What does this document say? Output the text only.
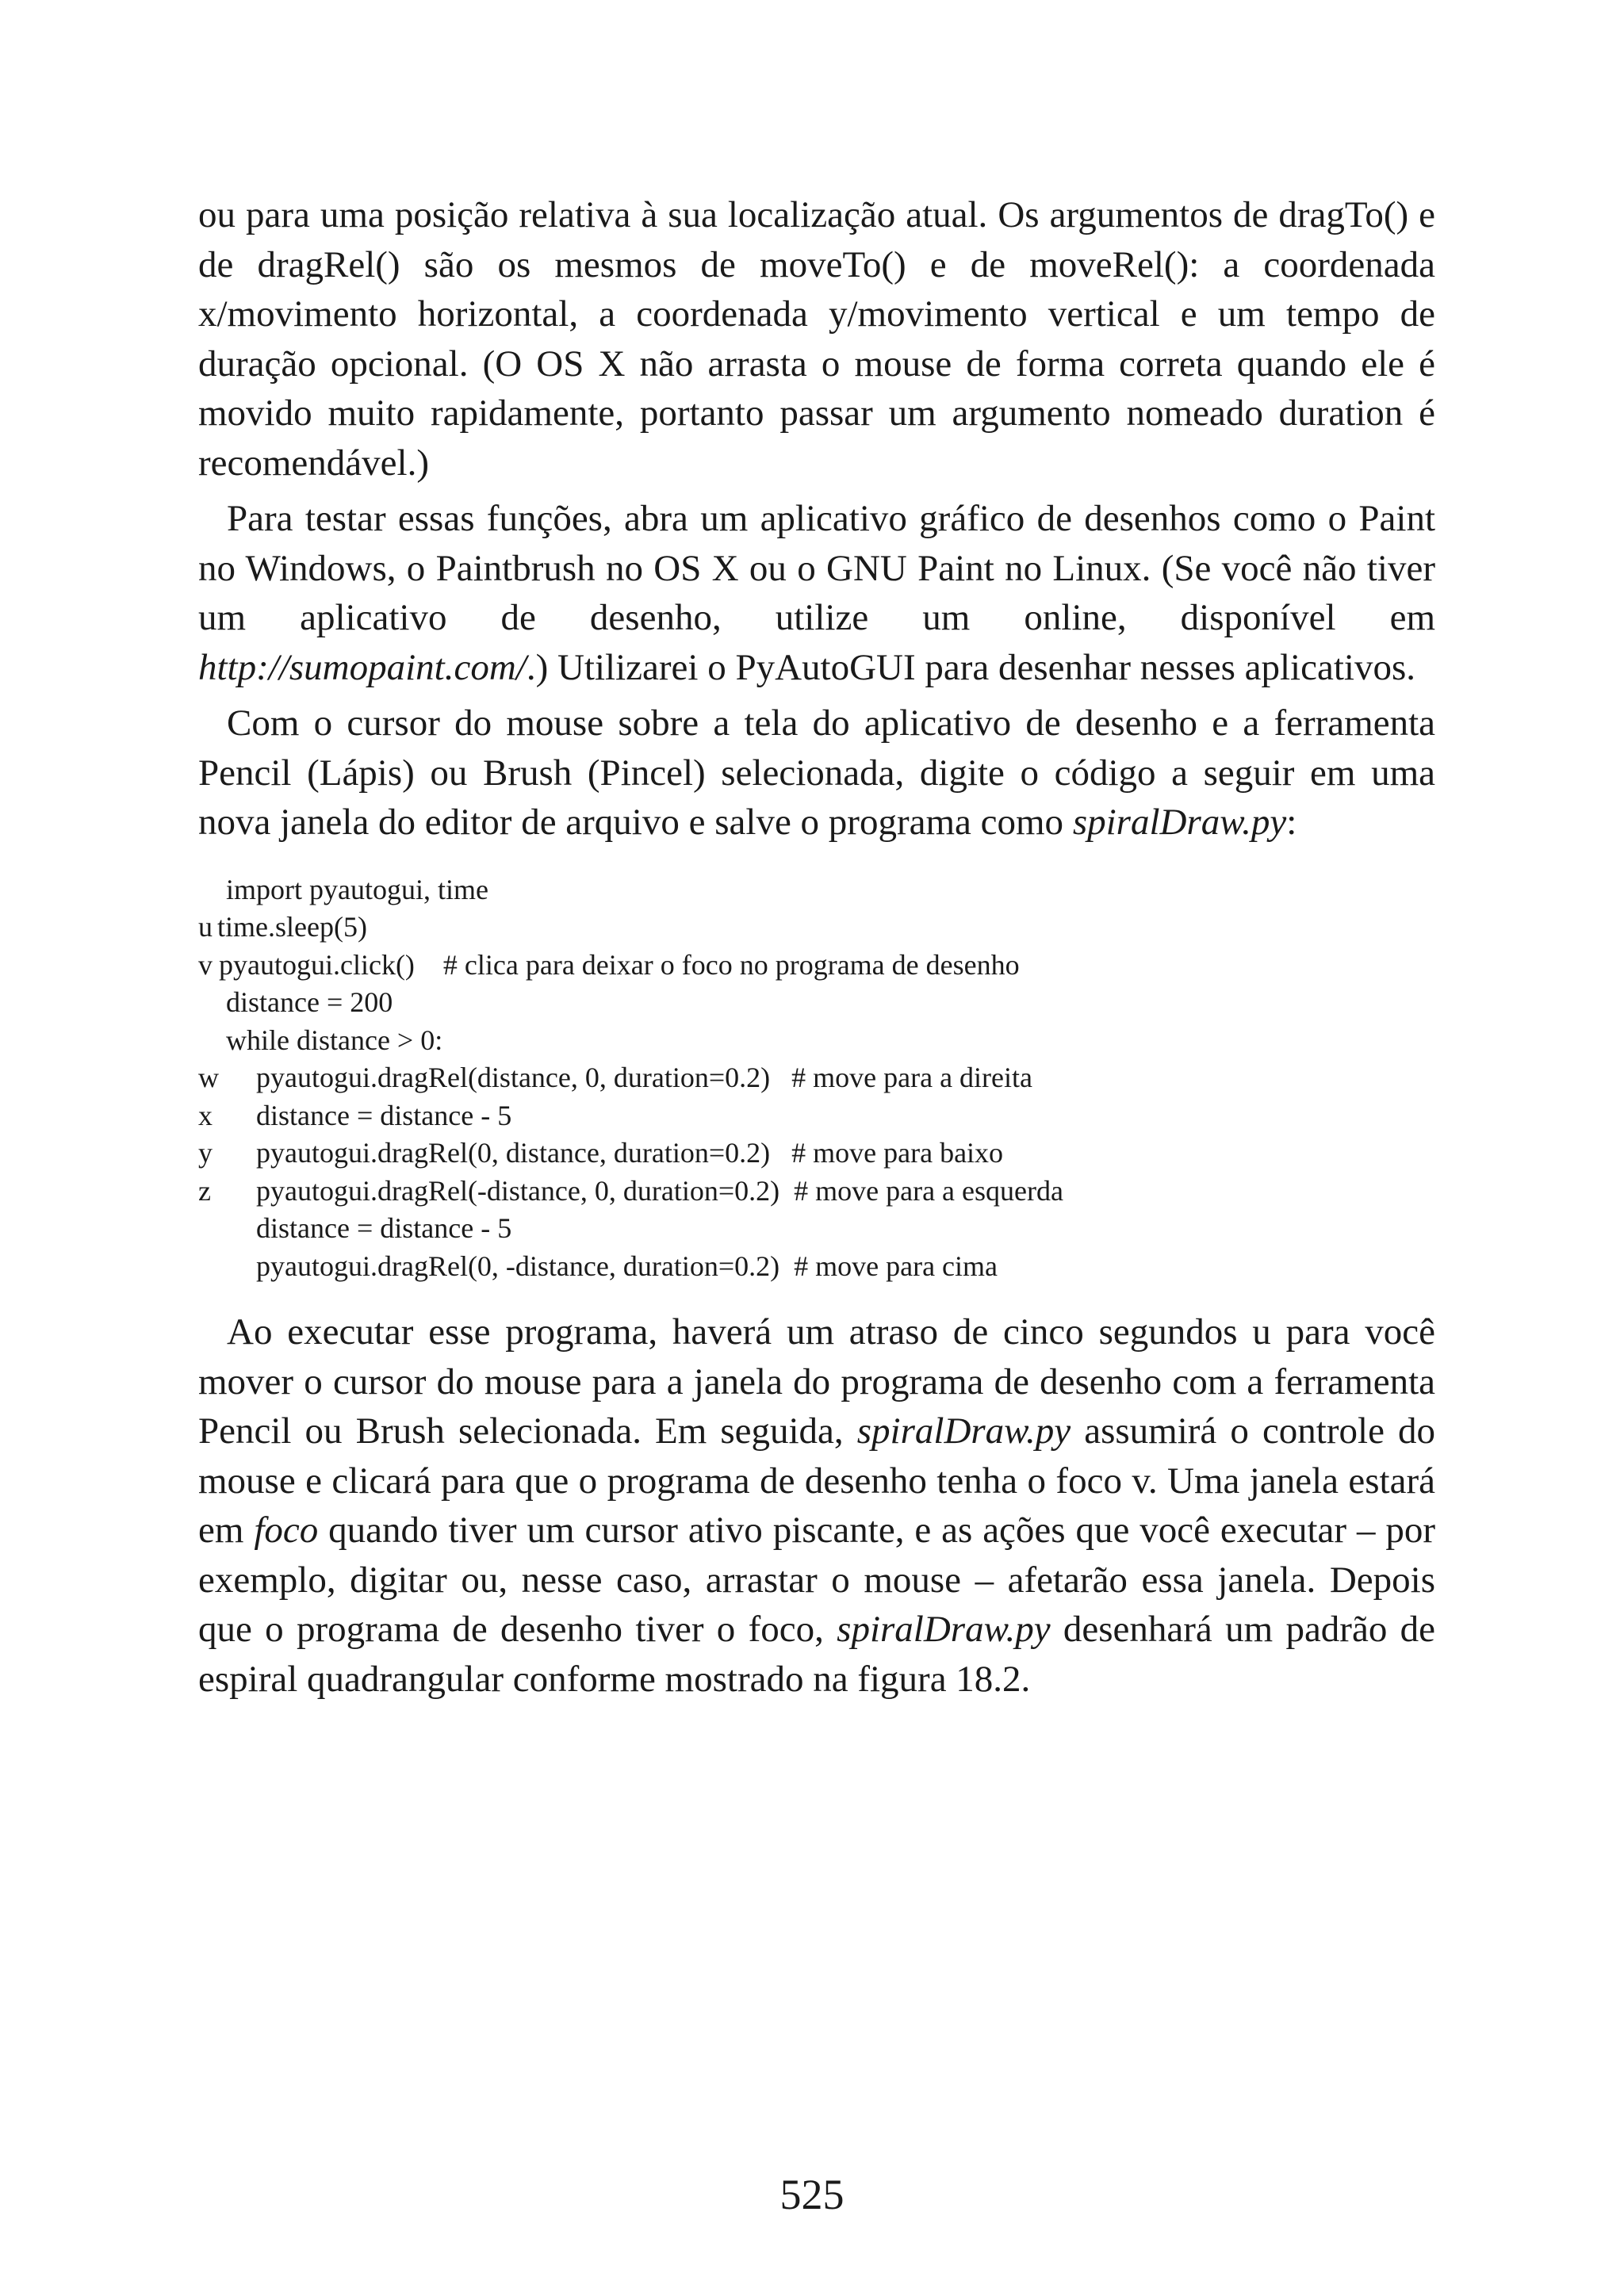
ou para uma posição relativa à sua localização atual. Os argumentos de dragTo() e de dragRel() são os mesmos de moveTo() e de moveRel(): a coordenada x/movimento horizontal, a coordenada y/movimento vertical e um tempo de duração opcional. (O OS X não arrasta o mouse de forma correta quando ele é movido muito rapidamente, portanto passar um argumento nomeado duration é recomendável.)

Para testar essas funções, abra um aplicativo gráfico de desenhos como o Paint no Windows, o Paintbrush no OS X ou o GNU Paint no Linux. (Se você não tiver um aplicativo de desenho, utilize um online, disponível em http://sumopaint.com/.) Utilizarei o PyAutoGUI para desenhar nesses aplicativos.

Com o cursor do mouse sobre a tela do aplicativo de desenho e a ferramenta Pencil (Lápis) ou Brush (Pincel) selecionada, digite o código a seguir em uma nova janela do editor de arquivo e salve o programa como spiralDraw.py:

import pyautogui, time

u

time.sleep(5)

v

pyautogui.click()    # clica para deixar o foco no programa de desenho

distance = 200

while distance > 0:

w

pyautogui.dragRel(distance, 0, duration=0.2)   # move para a direita

x

distance = distance - 5

y

pyautogui.dragRel(0, distance, duration=0.2)   # move para baixo

z

pyautogui.dragRel(-distance, 0, duration=0.2)  # move para a esquerda

distance = distance - 5

pyautogui.dragRel(0, -distance, duration=0.2)  # move para cima

Ao executar esse programa, haverá um atraso de cinco segundos u para você mover o cursor do mouse para a janela do programa de desenho com a ferramenta Pencil ou Brush selecionada. Em seguida, spiralDraw.py assumirá o controle do mouse e clicará para que o programa de desenho tenha o foco v. Uma janela estará em foco quando tiver um cursor ativo piscante, e as ações que você executar – por exemplo, digitar ou, nesse caso, arrastar o mouse – afetarão essa janela. Depois que o programa de desenho tiver o foco, spiralDraw.py desenhará um padrão de espiral quadrangular conforme mostrado na figura 18.2.

525
